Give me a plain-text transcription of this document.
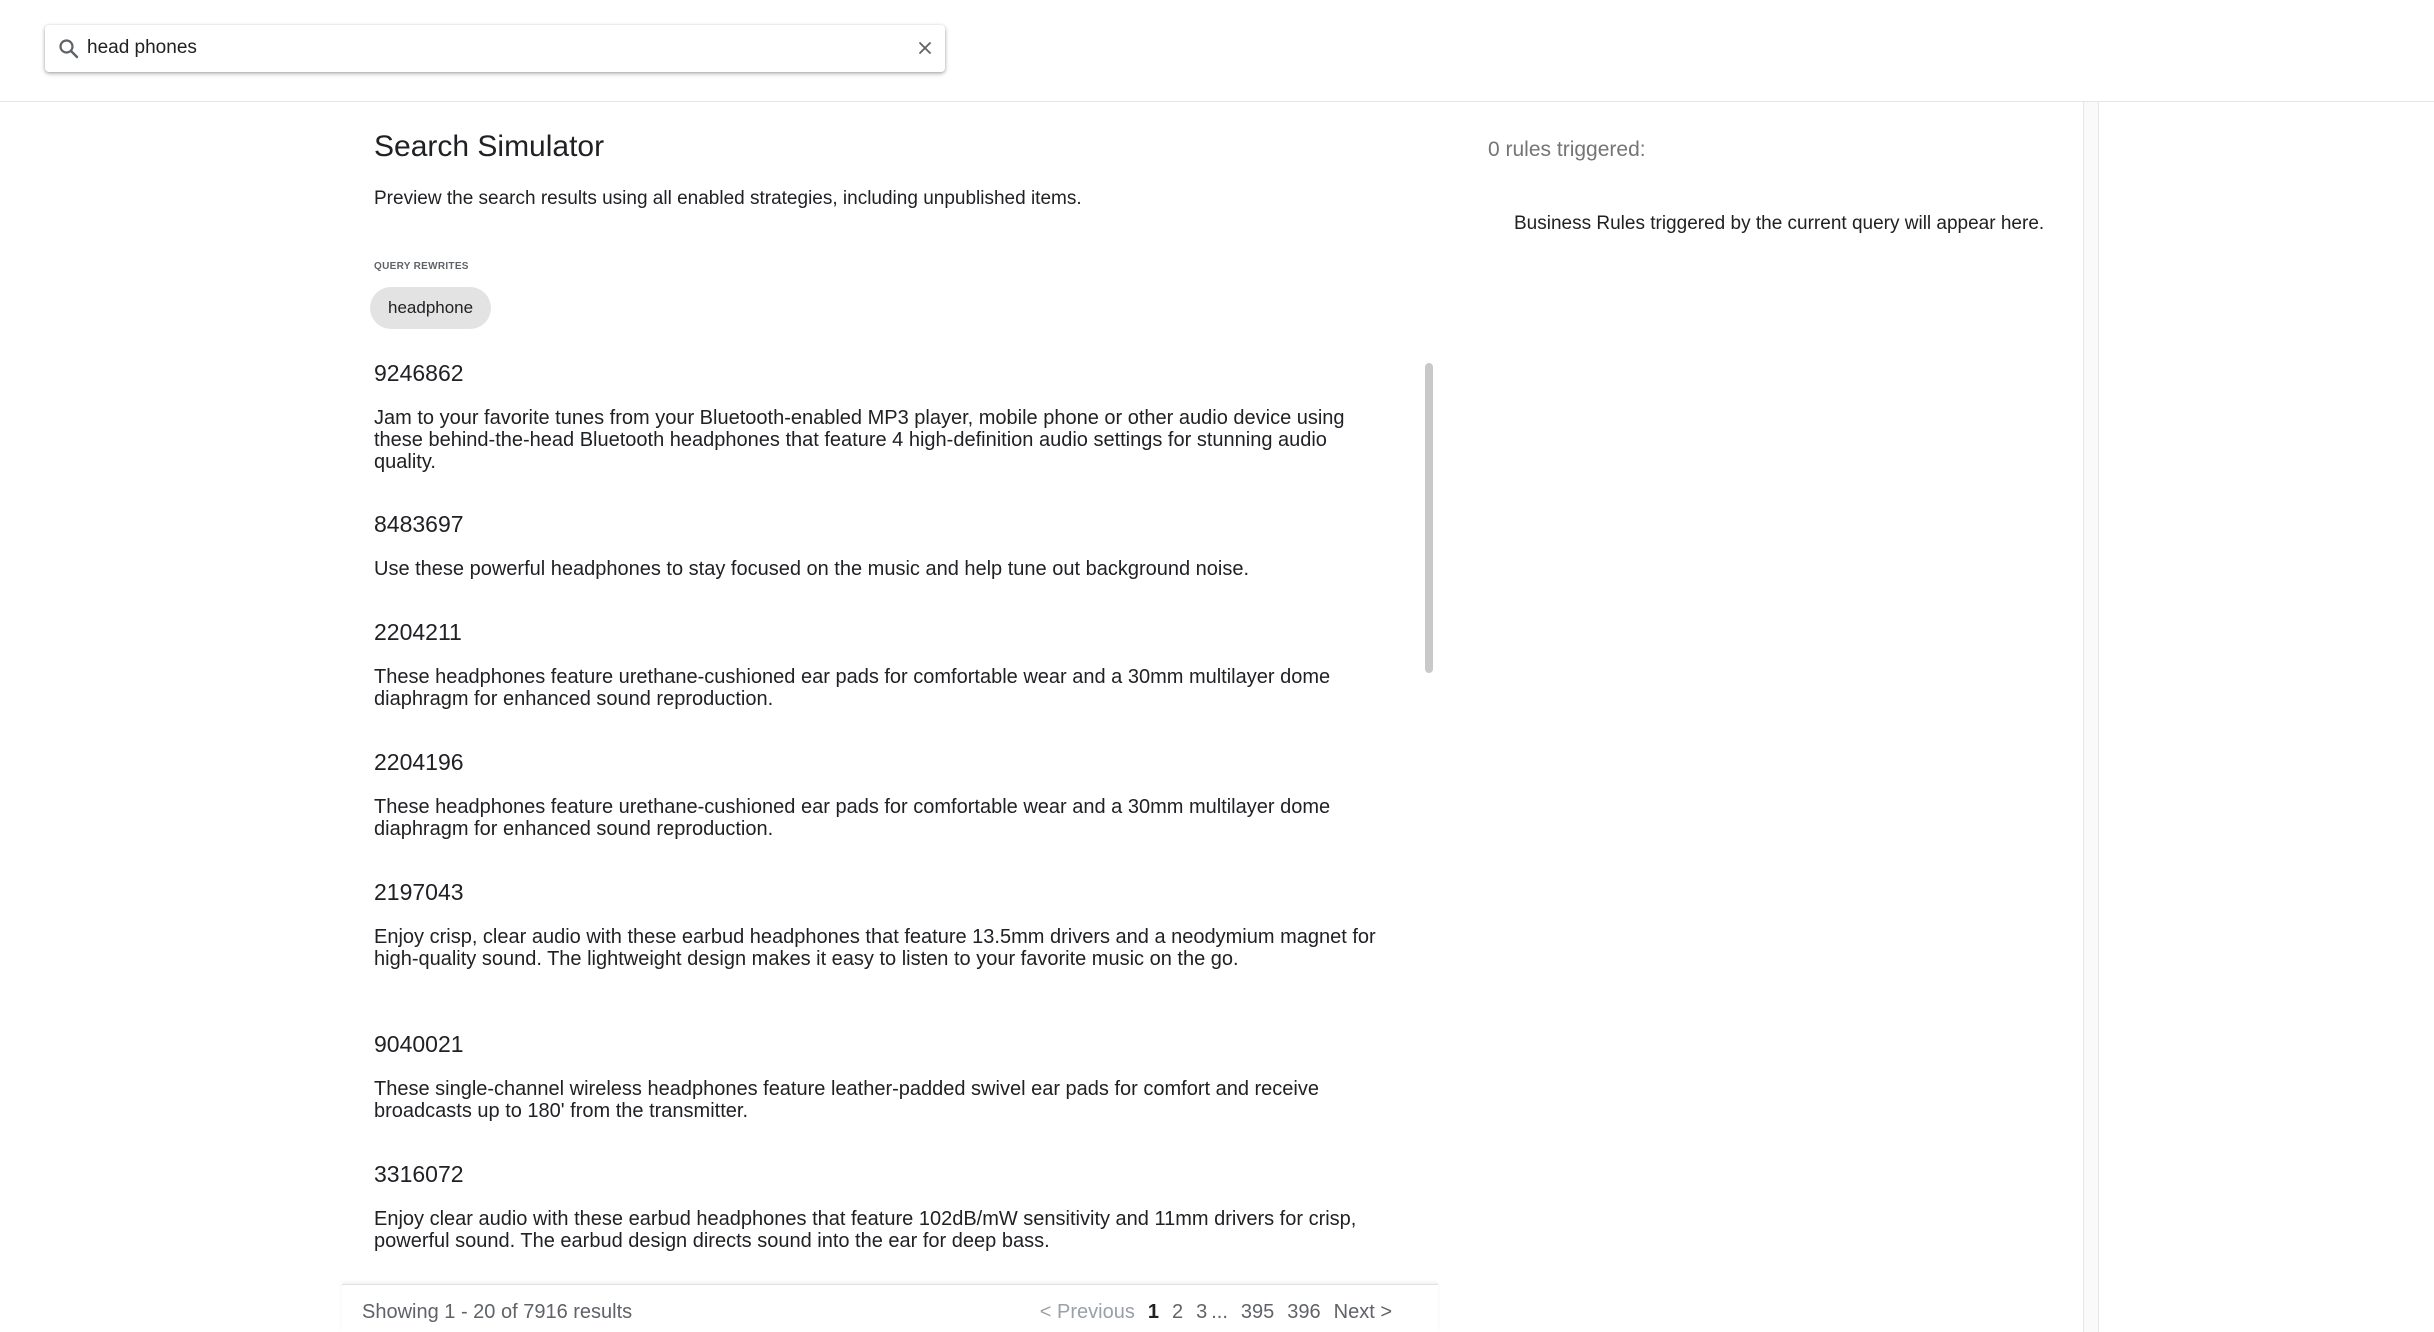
head phones
Search Simulator
Preview the search results using all enabled strategies, including unpublished items.
QUERY REWRITES
headphone
9246862
Jam to your favorite tunes from your Bluetooth-enabled MP3 player, mobile phone or other audio device using these behind-the-head Bluetooth headphones that feature 4 high-definition audio settings for stunning audio quality.
8483697
Use these powerful headphones to stay focused on the music and help tune out background noise.
2204211
These headphones feature urethane-cushioned ear pads for comfortable wear and a 30mm multilayer dome diaphragm for enhanced sound reproduction.
2204196
These headphones feature urethane-cushioned ear pads for comfortable wear and a 30mm multilayer dome diaphragm for enhanced sound reproduction.
2197043
Enjoy crisp, clear audio with these earbud headphones that feature 13.5mm drivers and a neodymium magnet for high-quality sound. The lightweight design makes it easy to listen to your favorite music on the go.
9040021
These single-channel wireless headphones feature leather-padded swivel ear pads for comfort and receive broadcasts up to 180' from the transmitter.
3316072
Enjoy clear audio with these earbud headphones that feature 102dB/mW sensitivity and 11mm drivers for crisp, powerful sound. The earbud design directs sound into the ear for deep bass.
Showing 1 - 20 of 7916 results	< Previous 1 2 3 ... 395 396 Next >
0 rules triggered:
Business Rules triggered by the current query will appear here.
